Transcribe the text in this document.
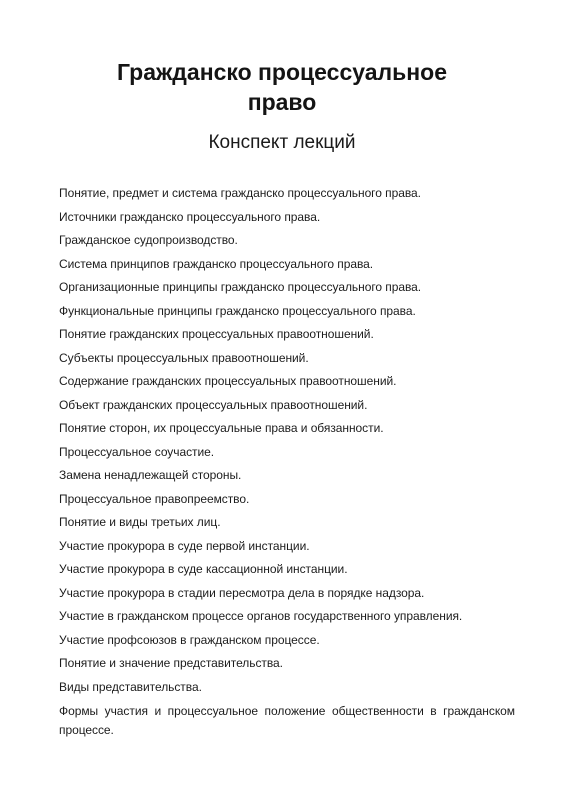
Гражданско процессуальное
право
Конспект лекций
Понятие, предмет и система гражданско процессуального права.
Источники гражданско процессуального права.
Гражданское судопроизводство.
Система принципов гражданско процессуального права.
Организационные принципы гражданско процессуального права.
Функциональные принципы гражданско процессуального права.
Понятие гражданских процессуальных правоотношений.
Субъекты процессуальных правоотношений.
Содержание гражданских процессуальных правоотношений.
Объект гражданских процессуальных правоотношений.
Понятие сторон, их процессуальные права и обязанности.
Процессуальное соучастие.
Замена ненадлежащей стороны.
Процессуальное правопреемство.
Понятие и виды третьих лиц.
Участие прокурора в суде первой инстанции.
Участие прокурора в суде кассационной инстанции.
Участие прокурора в стадии пересмотра дела в порядке надзора.
Участие в гражданском процессе органов государственного управления.
Участие профсоюзов в гражданском процессе.
Понятие и значение представительства.
Виды представительства.
Формы участия и процессуальное положение общественности в гражданском процессе.
